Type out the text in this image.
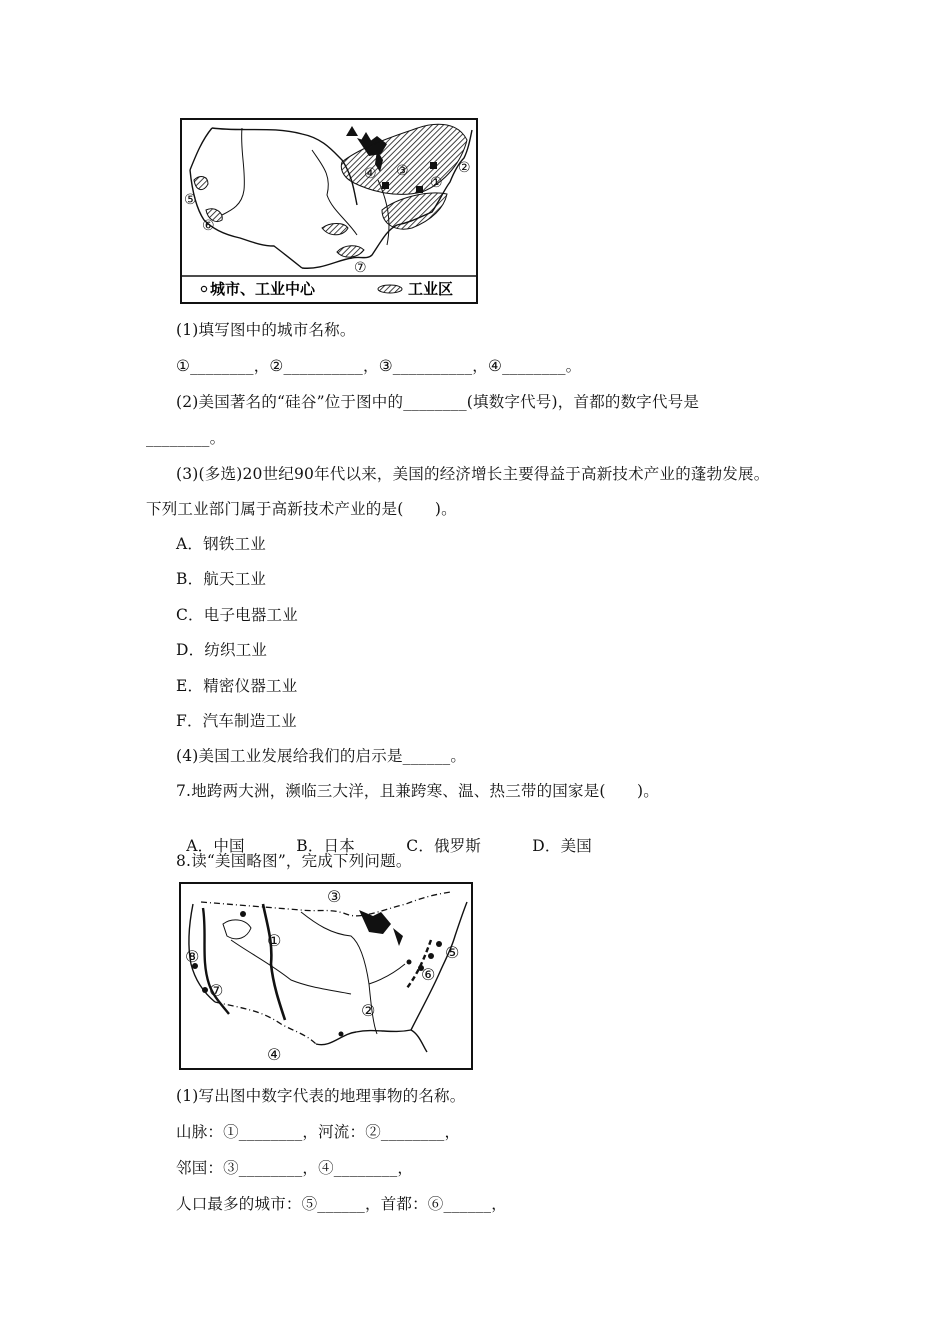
①
②
③
④
⑤
⑥
⑦
城市、工业中心	工业区
(1)填写图中的城市名称。
①________，②__________，③__________，④________。
(2)美国著名的“硅谷”位于图中的________(填数字代号)，首都的数字代号是
________。
(3)(多选)20世纪90年代以来，美国的经济增长主要得益于高新技术产业的蓬勃发展。
下列工业部门属于高新技术产业的是(　　)。
A．钢铁工业
B．航天工业
C．电子电器工业
D．纺织工业
E．精密仪器工业
F．汽车制造工业
(4)美国工业发展给我们的启示是______。
7.地跨两大洲，濒临三大洋，且兼跨寒、温、热三带的国家是(　　)。

A．中国	B．日本	C．俄罗斯	D．美国

8.读“美国略图”，完成下列问题。
①
②
③
④
⑤
⑥
⑦
⑧
(1)写出图中数字代表的地理事物的名称。
山脉：①________，河流：②________，
邻国：③________，④________，
人口最多的城市：⑤______，首都：⑥______，
